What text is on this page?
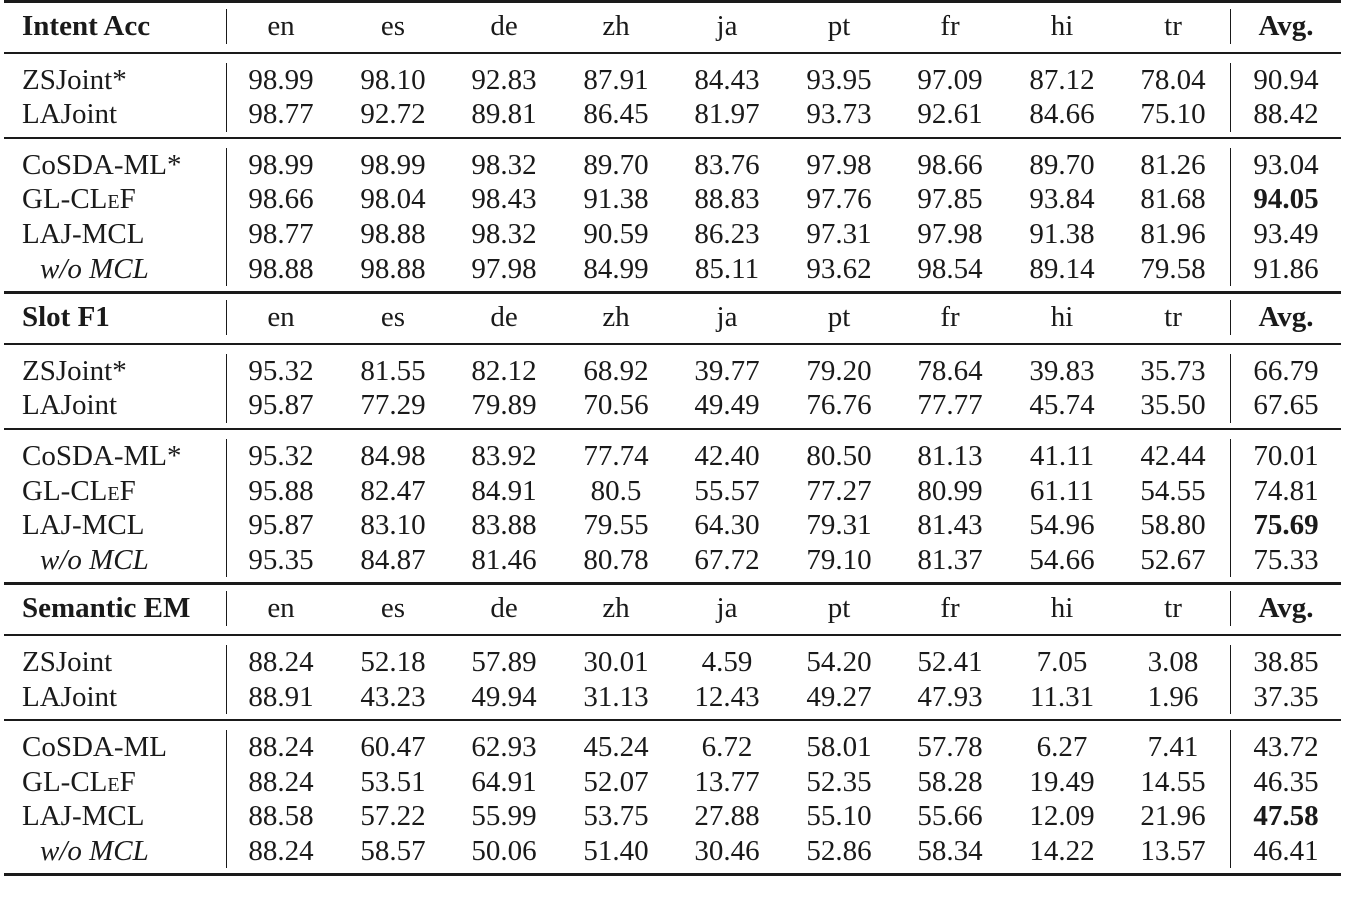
Intent Acc	en	es	de	zh	ja	pt	fr	hi	tr	Avg.
ZSJoint*	98.99	98.10	92.83	87.91	84.43	93.95	97.09	87.12	78.04	90.94
LAJoint	98.77	92.72	89.81	86.45	81.97	93.73	92.61	84.66	75.10	88.42
CoSDA-ML*	98.99	98.99	98.32	89.70	83.76	97.98	98.66	89.70	81.26	93.04
GL-CLeF	98.66	98.04	98.43	91.38	88.83	97.76	97.85	93.84	81.68	94.05
LAJ-MCL	98.77	98.88	98.32	90.59	86.23	97.31	97.98	91.38	81.96	93.49
w/o MCL	98.88	98.88	97.98	84.99	85.11	93.62	98.54	89.14	79.58	91.86
Slot F1	en	es	de	zh	ja	pt	fr	hi	tr	Avg.
ZSJoint*	95.32	81.55	82.12	68.92	39.77	79.20	78.64	39.83	35.73	66.79
LAJoint	95.87	77.29	79.89	70.56	49.49	76.76	77.77	45.74	35.50	67.65
CoSDA-ML*	95.32	84.98	83.92	77.74	42.40	80.50	81.13	41.11	42.44	70.01
GL-CLeF	95.88	82.47	84.91	80.5	55.57	77.27	80.99	61.11	54.55	74.81
LAJ-MCL	95.87	83.10	83.88	79.55	64.30	79.31	81.43	54.96	58.80	75.69
w/o MCL	95.35	84.87	81.46	80.78	67.72	79.10	81.37	54.66	52.67	75.33
Semantic EM	en	es	de	zh	ja	pt	fr	hi	tr	Avg.
ZSJoint	88.24	52.18	57.89	30.01	4.59	54.20	52.41	7.05	3.08	38.85
LAJoint	88.91	43.23	49.94	31.13	12.43	49.27	47.93	11.31	1.96	37.35
CoSDA-ML	88.24	60.47	62.93	45.24	6.72	58.01	57.78	6.27	7.41	43.72
GL-CLeF	88.24	53.51	64.91	52.07	13.77	52.35	58.28	19.49	14.55	46.35
LAJ-MCL	88.58	57.22	55.99	53.75	27.88	55.10	55.66	12.09	21.96	47.58
w/o MCL	88.24	58.57	50.06	51.40	30.46	52.86	58.34	14.22	13.57	46.41
